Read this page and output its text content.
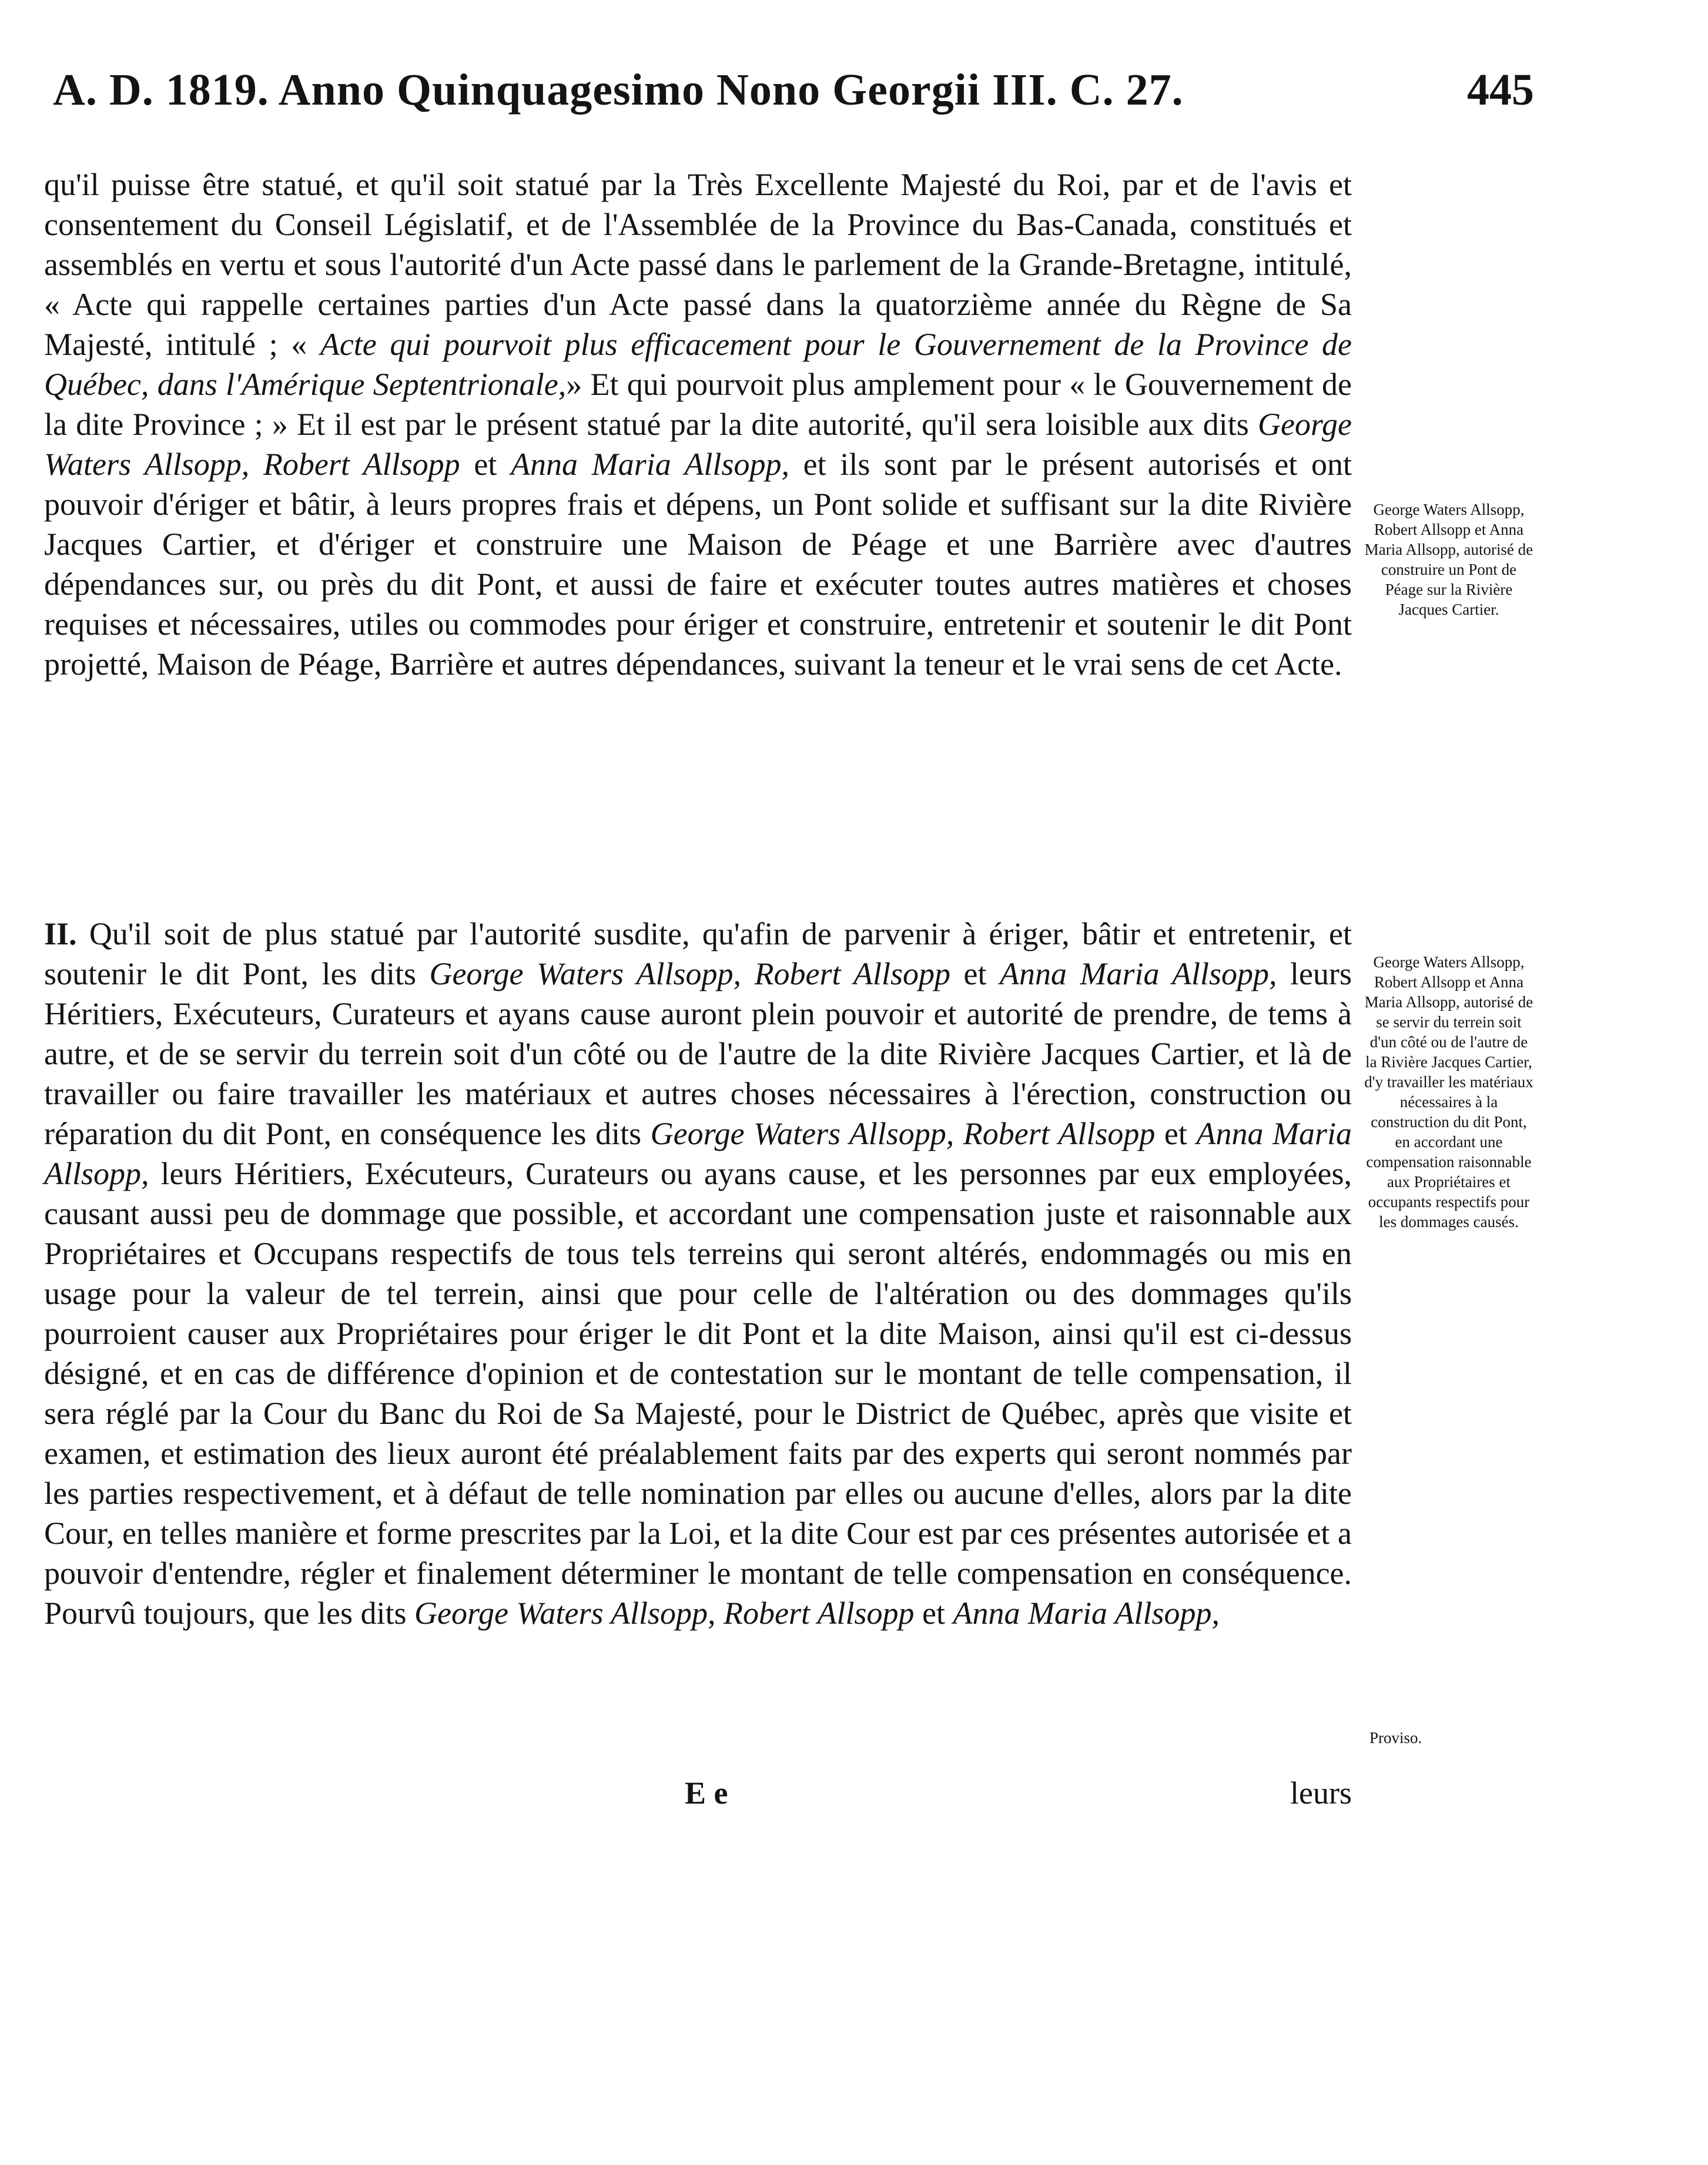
A. D. 1819. Anno Quinquagesimo Nono Georgii III. C. 27.	445

qu'il puisse être statué, et qu'il soit statué par la Très Excellente Majesté du Roi, par et de l'avis et consentement du Conseil Législatif, et de l'Assemblée de la Province du Bas-Canada, constitués et assemblés en vertu et sous l'autorité d'un Acte passé dans le parlement de la Grande-Bretagne, intitulé, « Acte qui rappelle certaines parties d'un Acte passé dans la quatorzième année du Règne de Sa Majesté, intitulé ; « Acte qui pourvoit plus efficacement pour le Gouvernement de la Province de Québec, dans l'Amérique Septentrionale,» Et qui pourvoit plus amplement pour « le Gouvernement de la dite Province ; » Et il est par le présent statué par la dite autorité, qu'il sera loisible aux dits George Waters Allsopp, Robert Allsopp et Anna Maria Allsopp, et ils sont par le présent autorisés et ont pouvoir d'ériger et bâtir, à leurs propres frais et dépens, un Pont solide et suffisant sur la dite Rivière Jacques Cartier, et d'ériger et construire une Maison de Péage et une Barrière avec d'autres dépendances sur, ou près du dit Pont, et aussi de faire et exécuter toutes autres matières et choses requises et nécessaires, utiles ou commodes pour ériger et construire, entretenir et soutenir le dit Pont projetté, Maison de Péage, Barrière et autres dépendances, suivant la teneur et le vrai sens de cet Acte.

II. Qu'il soit de plus statué par l'autorité susdite, qu'afin de parvenir à ériger, bâtir et entretenir, et soutenir le dit Pont, les dits George Waters Allsopp, Robert Allsopp et Anna Maria Allsopp, leurs Héritiers, Exécuteurs, Curateurs et ayans cause auront plein pouvoir et autorité de prendre, de tems à autre, et de se servir du terrein soit d'un côté ou de l'autre de la dite Rivière Jacques Cartier, et là de travailler ou faire travailler les matériaux et autres choses nécessaires à l'érection, construction ou réparation du dit Pont, en conséquence les dits George Waters Allsopp, Robert Allsopp et Anna Maria Allsopp, leurs Héritiers, Exécuteurs, Curateurs ou ayans cause, et les personnes par eux employées, causant aussi peu de dommage que possible, et accordant une compensation juste et raisonnable aux Propriétaires et Occupans respectifs de tous tels terreins qui seront altérés, endommagés ou mis en usage pour la valeur de tel terrein, ainsi que pour celle de l'altération ou des dommages qu'ils pourroient causer aux Propriétaires pour ériger le dit Pont et la dite Maison, ainsi qu'il est ci-dessus désigné, et en cas de différence d'opinion et de contestation sur le montant de telle compensation, il sera réglé par la Cour du Banc du Roi de Sa Majesté, pour le District de Québec, après que visite et examen, et estimation des lieux auront été préalablement faits par des experts qui seront nommés par les parties respectivement, et à défaut de telle nomination par elles ou aucune d'elles, alors par la dite Cour, en telles manière et forme prescrites par la Loi, et la dite Cour est par ces présentes autorisée et a pouvoir d'entendre, régler et finalement déterminer le montant de telle compensation en conséquence. Pourvû toujours, que les dits George Waters Allsopp, Robert Allsopp et Anna Maria Allsopp,

E e	leurs

George Waters Allsopp, Robert Allsopp et Anna Maria Allsopp, autorisé de construire un Pont de Péage sur la Rivière Jacques Cartier.

George Waters Allsopp, Robert Allsopp et Anna Maria Allsopp, autorisé de se servir du terrein soit d'un côté ou de l'autre de la Rivière Jacques Cartier, d'y travailler les matériaux nécessaires à la construction du dit Pont, en accordant une compensation raisonnable aux Propriétaires et occupants respectifs pour les dommages causés.

Proviso.
